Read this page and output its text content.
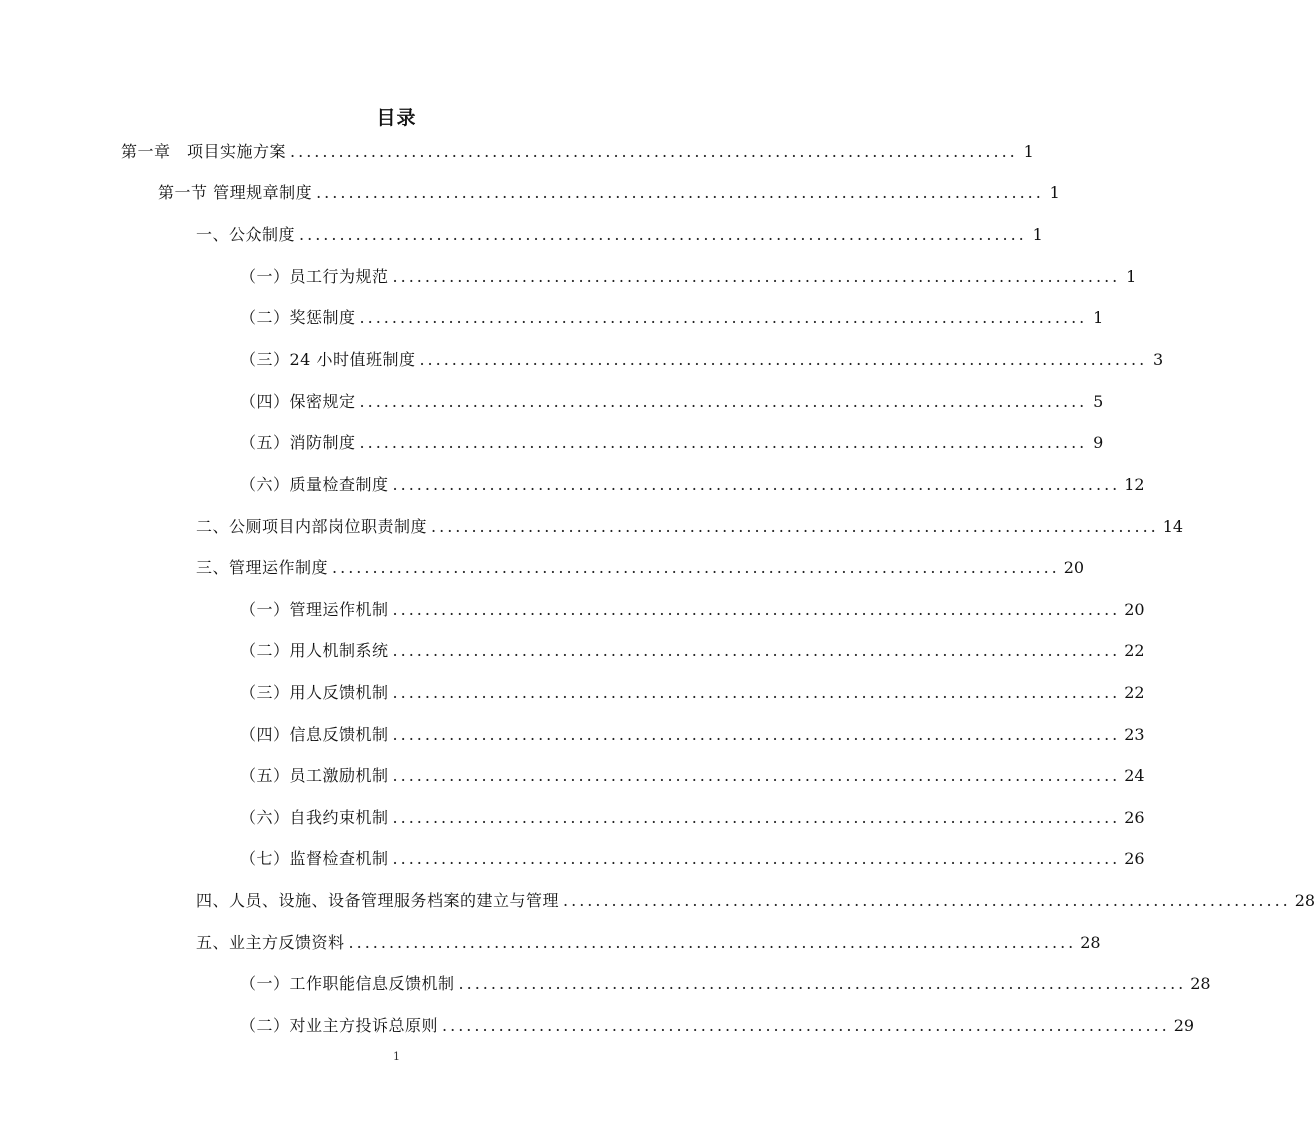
目录
第一章　项目实施方案 .......................................................................................... 1
第一节 管理规章制度 .......................................................................................... 1
一、公众制度 .......................................................................................... 1
（一）员工行为规范 .......................................................................................... 1
（二）奖惩制度 .......................................................................................... 1
（三）24 小时值班制度 .......................................................................................... 3
（四）保密规定 .......................................................................................... 5
（五）消防制度 .......................................................................................... 9
（六）质量检查制度 .......................................................................................... 12
二、公厕项目内部岗位职责制度 .......................................................................................... 14
三、管理运作制度 .......................................................................................... 20
（一）管理运作机制 .......................................................................................... 20
（二）用人机制系统 .......................................................................................... 22
（三）用人反馈机制 .......................................................................................... 22
（四）信息反馈机制 .......................................................................................... 23
（五）员工激励机制 .......................................................................................... 24
（六）自我约束机制 .......................................................................................... 26
（七）监督检查机制 .......................................................................................... 26
四、人员、设施、设备管理服务档案的建立与管理 .......................................................................................... 28
五、业主方反馈资料 .......................................................................................... 28
（一）工作职能信息反馈机制 .......................................................................................... 28
（二）对业主方投诉总原则 .......................................................................................... 29
1
